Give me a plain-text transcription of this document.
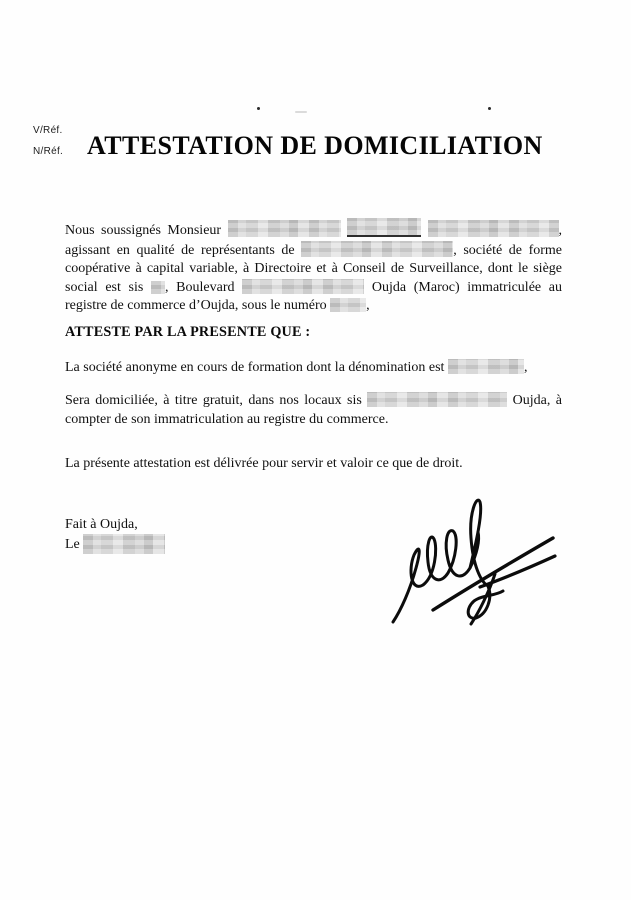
V/Réf.
N/Réf. ATTESTATION DE DOMICILIATION
Nous soussignés Monsieur	,
agissant en qualité de représentants de	, société de forme
coopérative à capital variable, à Directoire et à Conseil de Surveillance, dont le siège
social est sis , Boulevard	Oujda (Maroc) immatriculée au
registre de commerce d’Oujda, sous le numéro	,
ATTESTE PAR LA PRESENTE QUE :
La société anonyme en cours de formation dont la dénomination est	,
Sera domiciliée, à titre gratuit, dans nos locaux sis	Oujda, à
compter de son immatriculation au registre du commerce.
La présente attestation est délivrée pour servir et valoir ce que de droit.
Fait à Oujda,
Le
